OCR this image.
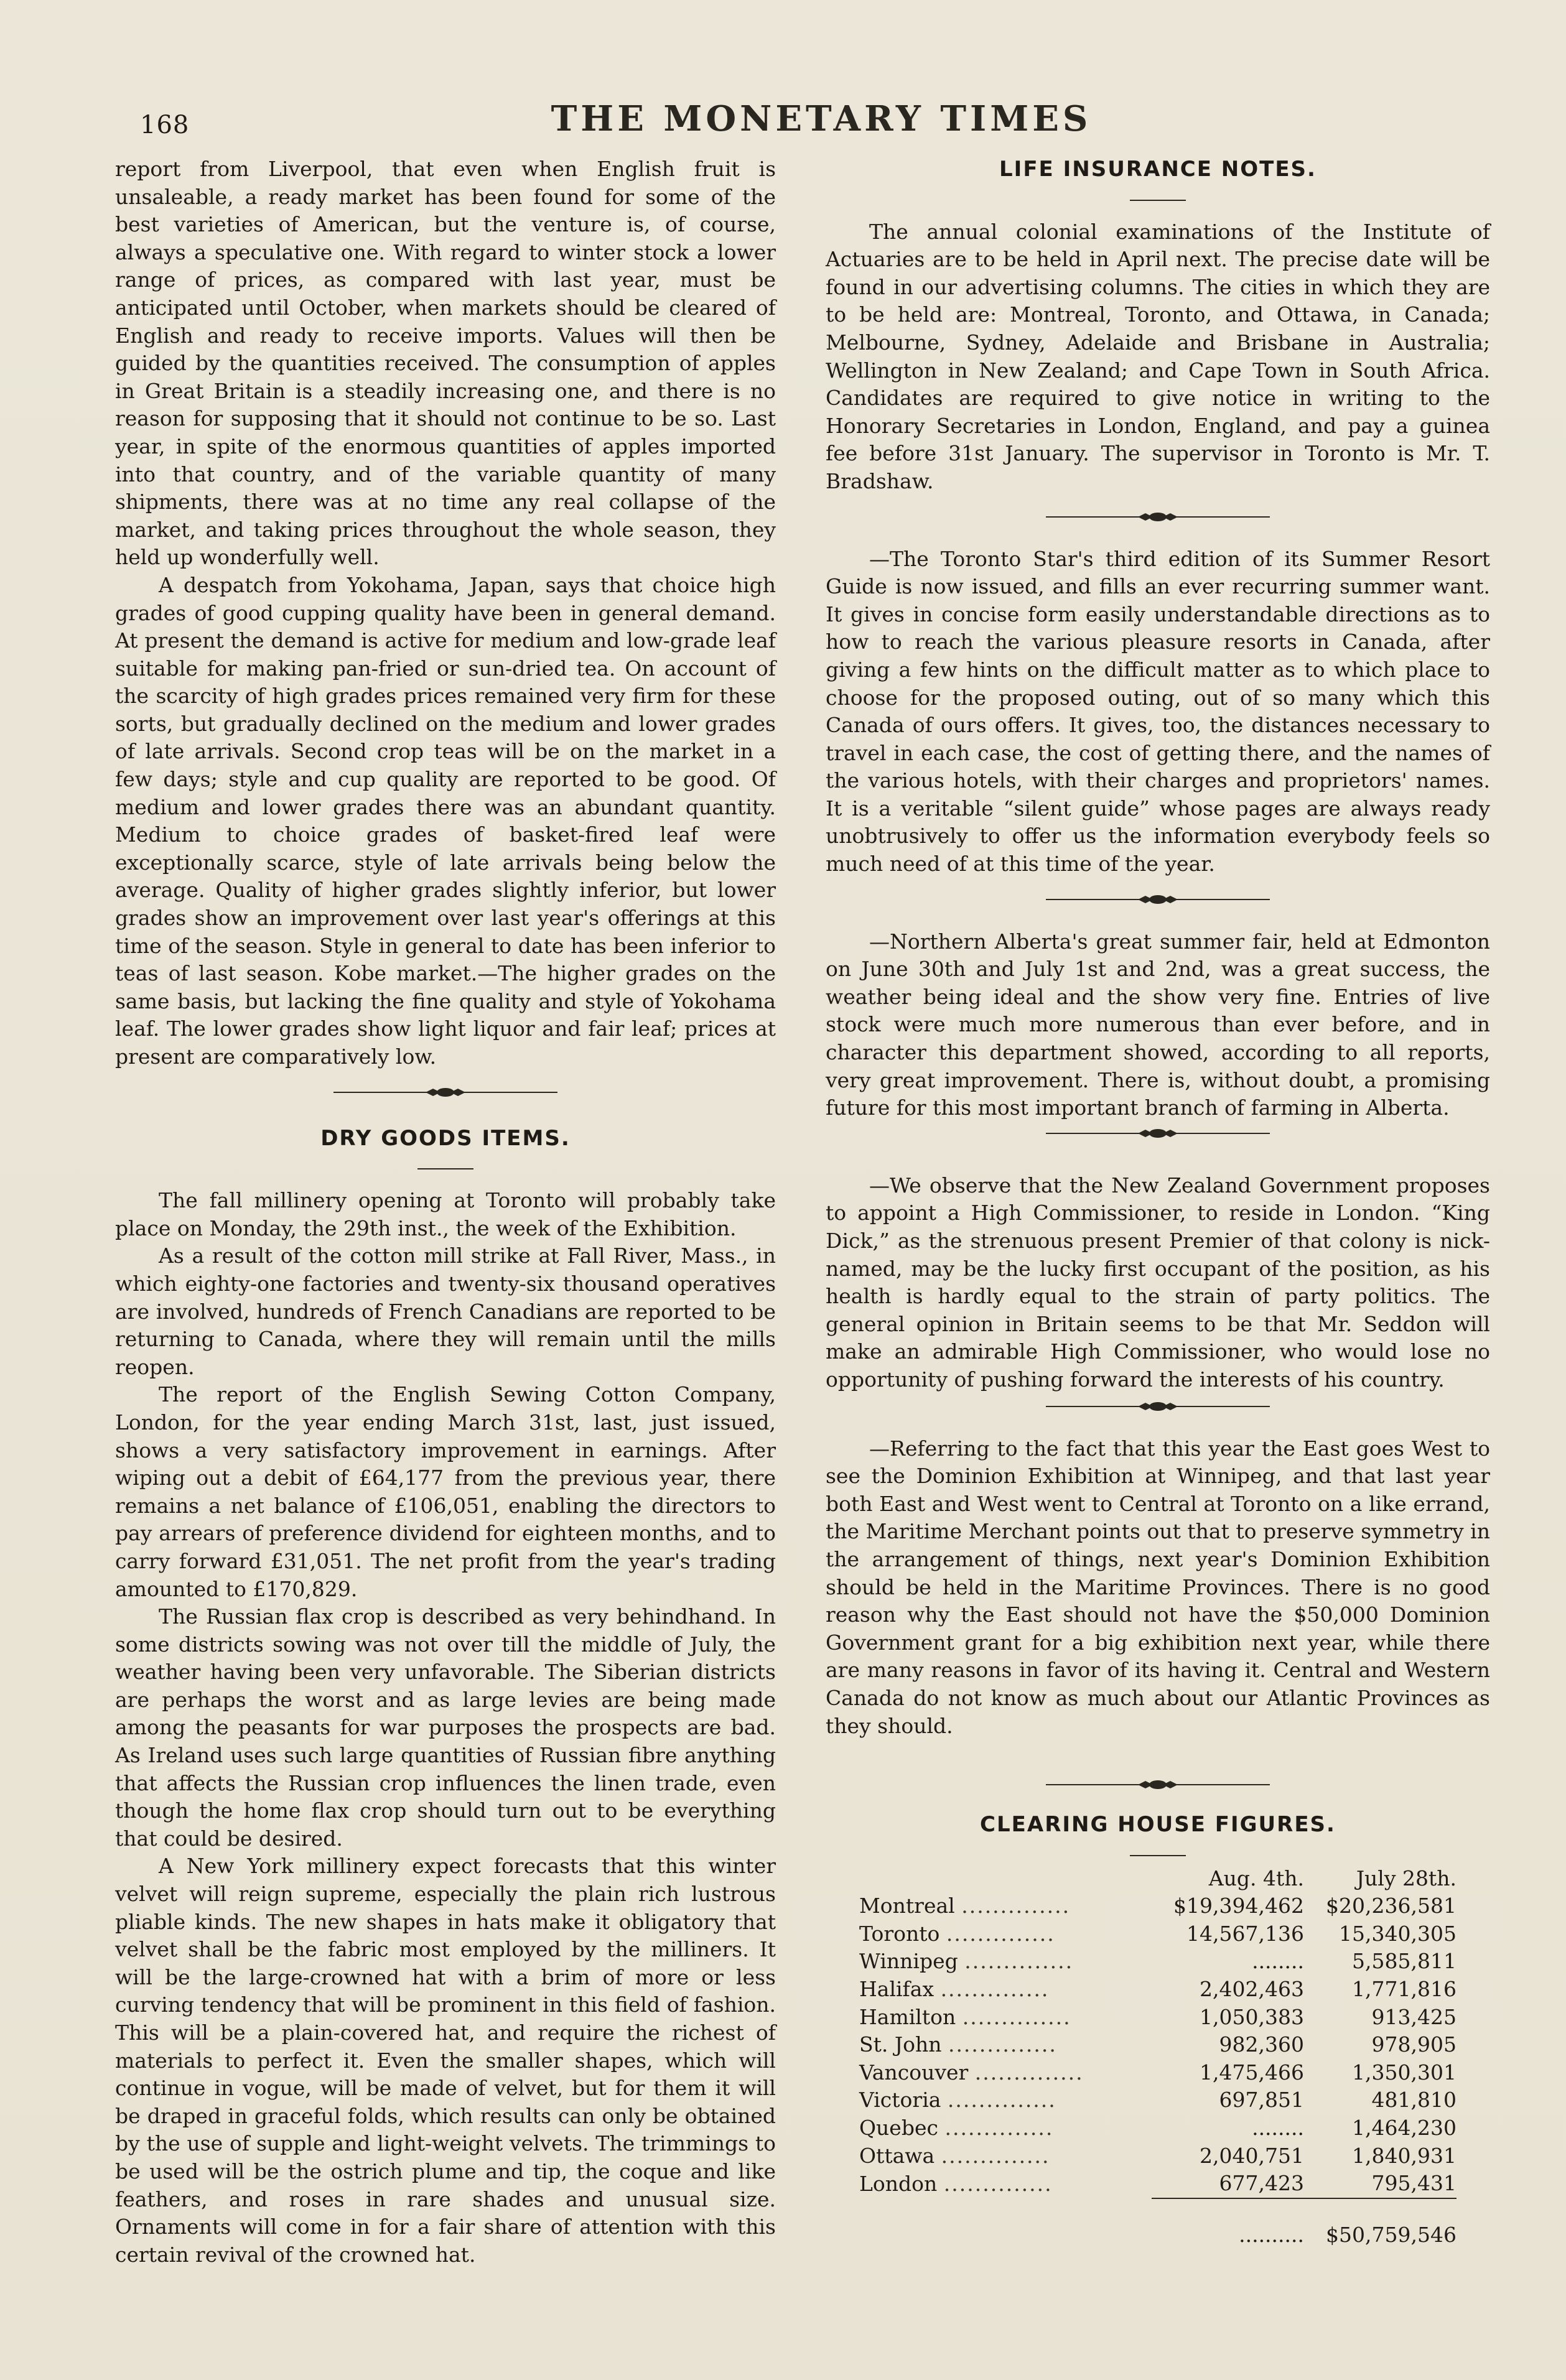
168	THE MONETARY TIMES

report from Liverpool, that even when English fruit is unsaleable, a ready market has been found for some of the best varieties of American, but the venture is, of course, always a speculative one. With regard to winter stock a lower range of prices, as compared with last year, must be anticipated until October, when markets should be cleared of English and ready to receive imports. Values will then be guided by the quantities received. The consumption of apples in Great Britain is a steadily increasing one, and there is no reason for supposing that it should not continue to be so. Last year, in spite of the enormous quantities of apples imported into that country, and of the variable quantity of many shipments, there was at no time any real collapse of the market, and taking prices throughout the whole season, they held up wonderfully well.

A despatch from Yokohama, Japan, says that choice high grades of good cupping quality have been in general demand. At present the demand is active for medium and low-grade leaf suitable for making pan-fried or sun-dried tea. On account of the scarcity of high grades prices remained very firm for these sorts, but gradually declined on the medium and lower grades of late arrivals. Second crop teas will be on the market in a few days; style and cup quality are reported to be good. Of medium and lower grades there was an abundant quantity. Medium to choice grades of basket-fired leaf were exceptionally scarce, style of late arrivals being below the average. Quality of higher grades slightly inferior, but lower grades show an improvement over last year's offerings at this time of the season. Style in general to date has been inferior to teas of last season. Kobe market.—The higher grades on the same basis, but lacking the fine quality and style of Yokohama leaf. The lower grades show light liquor and fair leaf; prices at present are comparatively low.

DRY GOODS ITEMS.

The fall millinery opening at Toronto will probably take place on Monday, the 29th inst., the week of the Exhibition.

As a result of the cotton mill strike at Fall River, Mass., in which eighty-one factories and twenty-six thousand operatives are involved, hundreds of French Canadians are reported to be returning to Canada, where they will remain until the mills reopen.

The report of the English Sewing Cotton Company, London, for the year ending March 31st, last, just issued, shows a very satisfactory improvement in earnings. After wiping out a debit of £64,177 from the previous year, there remains a net balance of £106,051, enabling the directors to pay arrears of preference dividend for eighteen months, and to carry forward £31,051. The net profit from the year's trading amounted to £170,829.

The Russian flax crop is described as very behindhand. In some districts sowing was not over till the middle of July, the weather having been very unfavorable. The Siberian districts are perhaps the worst and as large levies are being made among the peasants for war purposes the prospects are bad. As Ireland uses such large quantities of Russian fibre anything that affects the Russian crop influences the linen trade, even though the home flax crop should turn out to be everything that could be desired.

A New York millinery expect forecasts that this winter velvet will reign supreme, especially the plain rich lustrous pliable kinds. The new shapes in hats make it obligatory that velvet shall be the fabric most employed by the milliners. It will be the large-crowned hat with a brim of more or less curving tendency that will be prominent in this field of fashion. This will be a plain-covered hat, and require the richest of materials to perfect it. Even the smaller shapes, which will continue in vogue, will be made of velvet, but for them it will be draped in graceful folds, which results can only be obtained by the use of supple and light-weight velvets. The trimmings to be used will be the ostrich plume and tip, the coque and like feathers, and roses in rare shades and unusual size. Ornaments will come in for a fair share of attention with this certain revival of the crowned hat.

LIFE INSURANCE NOTES.

The annual colonial examinations of the Institute of Actuaries are to be held in April next. The precise date will be found in our advertising columns. The cities in which they are to be held are: Montreal, Toronto, and Ottawa, in Canada; Melbourne, Sydney, Adelaide and Brisbane in Australia; Wellington in New Zealand; and Cape Town in South Africa. Candidates are required to give notice in writing to the Honorary Secretaries in London, England, and pay a guinea fee before 31st January. The supervisor in Toronto is Mr. T. Bradshaw.

—The Toronto Star's third edition of its Summer Resort Guide is now issued, and fills an ever recurring summer want. It gives in concise form easily understandable directions as to how to reach the various pleasure resorts in Canada, after giving a few hints on the difficult matter as to which place to choose for the proposed outing, out of so many which this Canada of ours offers. It gives, too, the distances necessary to travel in each case, the cost of getting there, and the names of the various hotels, with their charges and proprietors' names. It is a veritable “silent guide” whose pages are always ready unobtrusively to offer us the information everybody feels so much need of at this time of the year.

—Northern Alberta's great summer fair, held at Edmonton on June 30th and July 1st and 2nd, was a great success, the weather being ideal and the show very fine. Entries of live stock were much more numerous than ever before, and in character this department showed, according to all reports, very great improvement. There is, without doubt, a promising future for this most important branch of farming in Alberta.

—We observe that the New Zealand Government proposes to appoint a High Commissioner, to reside in London. “King Dick,” as the strenuous present Premier of that colony is nick-named, may be the lucky first occupant of the position, as his health is hardly equal to the strain of party politics. The general opinion in Britain seems to be that Mr. Seddon will make an admirable High Commissioner, who would lose no opportunity of pushing forward the interests of his country.

—Referring to the fact that this year the East goes West to see the Dominion Exhibition at Winnipeg, and that last year both East and West went to Central at Toronto on a like errand, the Maritime Merchant points out that to preserve symmetry in the arrangement of things, next year's Dominion Exhibition should be held in the Maritime Provinces. There is no good reason why the East should not have the $50,000 Dominion Government grant for a big exhibition next year, while there are many reasons in favor of its having it. Central and Western Canada do not know as much about our Atlantic Provinces as they should.

CLEARING HOUSE FIGURES.
	Aug. 4th.	July 28th.
Montreal ..............	$19,394,462	$20,236,581
Toronto ..............	14,567,136	15,340,305
Winnipeg ..............	........	5,585,811
Halifax ..............	2,402,463	1,771,816
Hamilton ..............	1,050,383	913,425
St. John ..............	982,360	978,905
Vancouver ..............	1,475,466	1,350,301
Victoria ..............	697,851	481,810
Quebec ..............	........	1,464,230
Ottawa ..............	2,040,751	1,840,931
London ..............	677,423	795,431
	..........	$50,759,546
